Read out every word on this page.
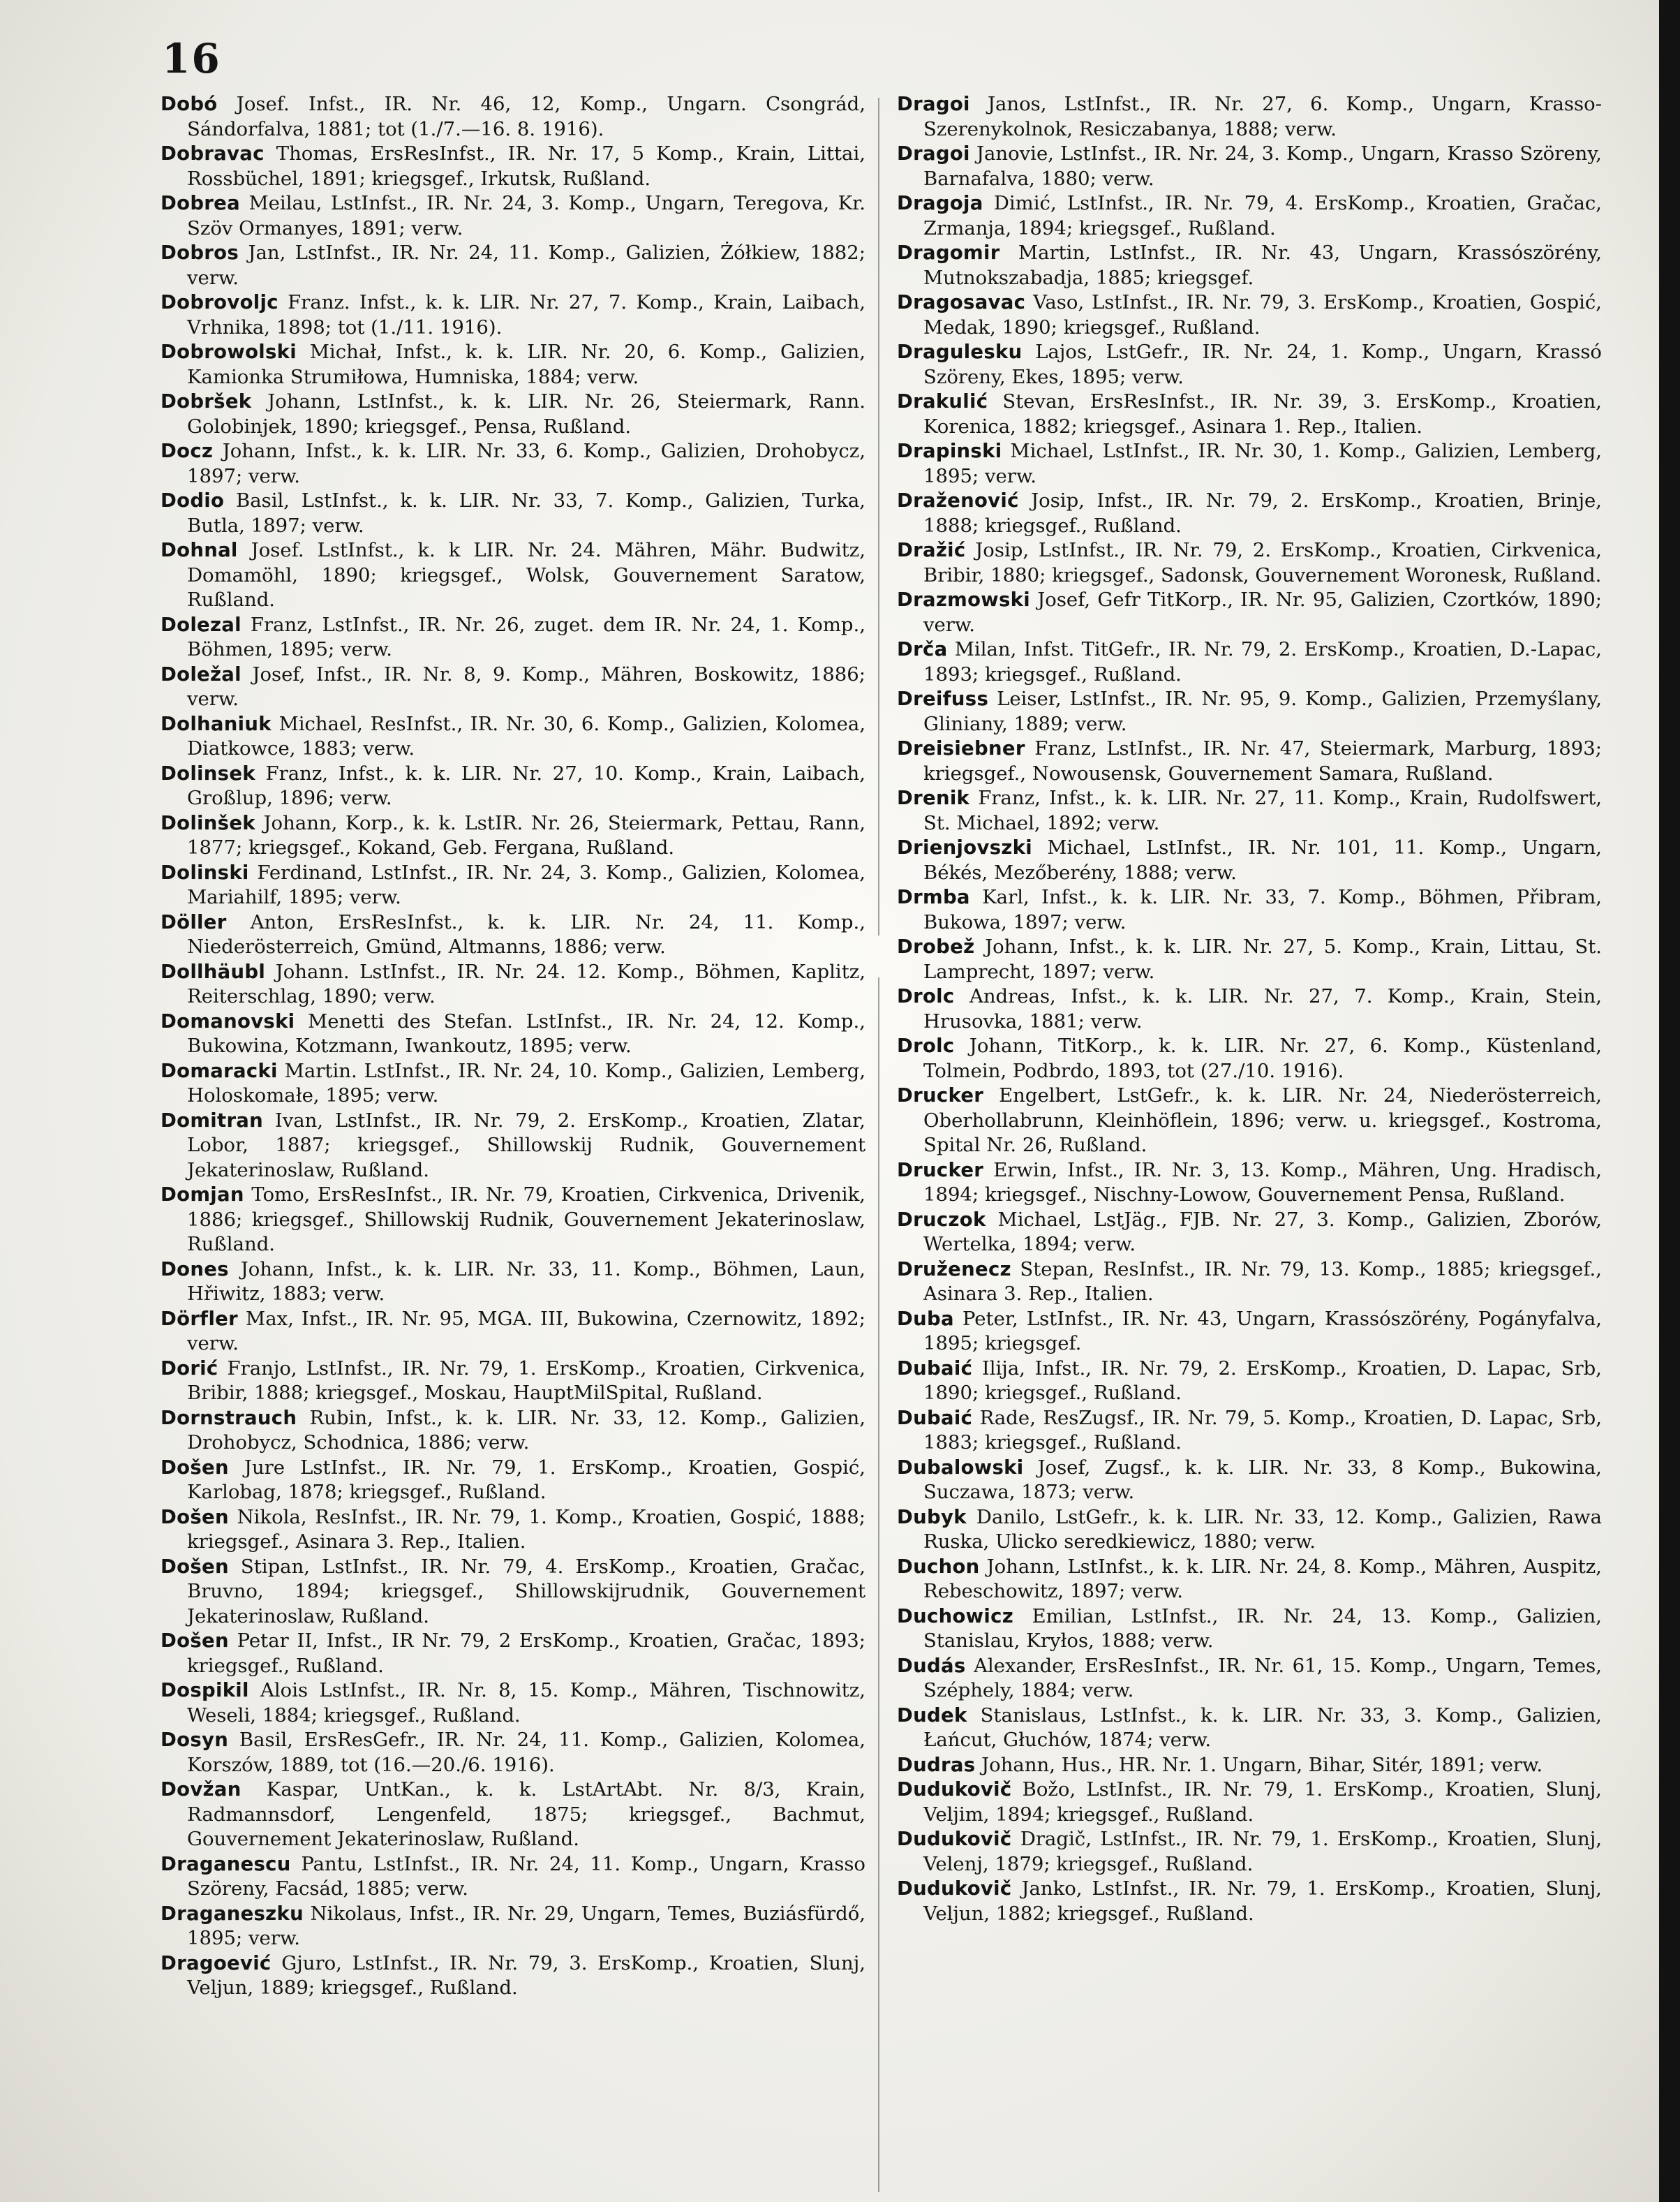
16

Dobó Josef. Infst., IR. Nr. 46, 12, Komp., Ungarn. Csongrád, Sándorfalva, 1881; tot (1./7.—16. 8. 1916).

Dobravac Thomas, ErsResInfst., IR. Nr. 17, 5 Komp., Krain, Littai, Rossbüchel, 1891; kriegsgef., Irkutsk, Rußland.

Dobrea Meilau, LstInfst., IR. Nr. 24, 3. Komp., Ungarn, Teregova, Kr. Szöv Ormanyes, 1891; verw.

Dobros Jan, LstInfst., IR. Nr. 24, 11. Komp., Galizien, Żółkiew, 1882; verw.

Dobrovoljc Franz. Infst., k. k. LIR. Nr. 27, 7. Komp., Krain, Laibach, Vrhnika, 1898; tot (1./11. 1916).

Dobrowolski Michał, Infst., k. k. LIR. Nr. 20, 6. Komp., Galizien, Kamionka Strumiłowa, Humniska, 1884; verw.

Dobršek Johann, LstInfst., k. k. LIR. Nr. 26, Steiermark, Rann. Golobinjek, 1890; kriegsgef., Pensa, Rußland.

Docz Johann, Infst., k. k. LIR. Nr. 33, 6. Komp., Galizien, Drohobycz, 1897; verw.

Dodio Basil, LstInfst., k. k. LIR. Nr. 33, 7. Komp., Galizien, Turka, Butla, 1897; verw.

Dohnal Josef. LstInfst., k. k LIR. Nr. 24. Mähren, Mähr. Budwitz, Domamöhl, 1890; kriegsgef., Wolsk, Gouvernement Saratow, Rußland.

Dolezal Franz, LstInfst., IR. Nr. 26, zuget. dem IR. Nr. 24, 1. Komp., Böhmen, 1895; verw.

Doležal Josef, Infst., IR. Nr. 8, 9. Komp., Mähren, Boskowitz, 1886; verw.

Dolhaniuk Michael, ResInfst., IR. Nr. 30, 6. Komp., Galizien, Kolomea, Diatkowce, 1883; verw.

Dolinsek Franz, Infst., k. k. LIR. Nr. 27, 10. Komp., Krain, Laibach, Großlup, 1896; verw.

Dolinšek Johann, Korp., k. k. LstIR. Nr. 26, Steiermark, Pettau, Rann, 1877; kriegsgef., Kokand, Geb. Fergana, Rußland.

Dolinski Ferdinand, LstInfst., IR. Nr. 24, 3. Komp., Galizien, Kolomea, Mariahilf, 1895; verw.

Döller Anton, ErsResInfst., k. k. LIR. Nr. 24, 11. Komp., Niederösterreich, Gmünd, Altmanns, 1886; verw.

Dollhäubl Johann. LstInfst., IR. Nr. 24. 12. Komp., Böhmen, Kaplitz, Reiterschlag, 1890; verw.

Domanovski Menetti des Stefan. LstInfst., IR. Nr. 24, 12. Komp., Bukowina, Kotzmann, Iwankoutz, 1895; verw.

Domaracki Martin. LstInfst., IR. Nr. 24, 10. Komp., Galizien, Lemberg, Holoskomałe, 1895; verw.

Domitran Ivan, LstInfst., IR. Nr. 79, 2. ErsKomp., Kroatien, Zlatar, Lobor, 1887; kriegsgef., Shillowskij Rudnik, Gouvernement Jekaterinoslaw, Rußland.

Domjan Tomo, ErsResInfst., IR. Nr. 79, Kroatien, Cirkvenica, Drivenik, 1886; kriegsgef., Shillowskij Rudnik, Gouvernement Jekaterinoslaw, Rußland.

Dones Johann, Infst., k. k. LIR. Nr. 33, 11. Komp., Böhmen, Laun, Hřiwitz, 1883; verw.

Dörfler Max, Infst., IR. Nr. 95, MGA. III, Bukowina, Czernowitz, 1892; verw.

Dorić Franjo, LstInfst., IR. Nr. 79, 1. ErsKomp., Kroatien, Cirkvenica, Bribir, 1888; kriegsgef., Moskau, HauptMilSpital, Rußland.

Dornstrauch Rubin, Infst., k. k. LIR. Nr. 33, 12. Komp., Galizien, Drohobycz, Schodnica, 1886; verw.

Došen Jure LstInfst., IR. Nr. 79, 1. ErsKomp., Kroatien, Gospić, Karlobag, 1878; kriegsgef., Rußland.

Došen Nikola, ResInfst., IR. Nr. 79, 1. Komp., Kroatien, Gospić, 1888; kriegsgef., Asinara 3. Rep., Italien.

Došen Stipan, LstInfst., IR. Nr. 79, 4. ErsKomp., Kroatien, Gračac, Bruvno, 1894; kriegsgef., Shillowskijrudnik, Gouvernement Jekaterinoslaw, Rußland.

Došen Petar II, Infst., IR Nr. 79, 2 ErsKomp., Kroatien, Gračac, 1893; kriegsgef., Rußland.

Dospikil Alois LstInfst., IR. Nr. 8, 15. Komp., Mähren, Tischnowitz, Weseli, 1884; kriegsgef., Rußland.

Dosyn Basil, ErsResGefr., IR. Nr. 24, 11. Komp., Galizien, Kolomea, Korszów, 1889, tot (16.—20./6. 1916).

Dovžan Kaspar, UntKan., k. k. LstArtAbt. Nr. 8/3, Krain, Radmannsdorf, Lengenfeld, 1875; kriegsgef., Bachmut, Gouvernement Jekaterinoslaw, Rußland.

Draganescu Pantu, LstInfst., IR. Nr. 24, 11. Komp., Ungarn, Krasso Szöreny, Facsád, 1885; verw.

Draganeszku Nikolaus, Infst., IR. Nr. 29, Ungarn, Temes, Buziásfürdő, 1895; verw.

Dragoević Gjuro, LstInfst., IR. Nr. 79, 3. ErsKomp., Kroatien, Slunj, Veljun, 1889; kriegsgef., Rußland.

Dragoi Janos, LstInfst., IR. Nr. 27, 6. Komp., Ungarn, Krasso-Szerenykolnok, Resiczabanya, 1888; verw.

Dragoi Janovie, LstInfst., IR. Nr. 24, 3. Komp., Ungarn, Krasso Szöreny, Barnafalva, 1880; verw.

Dragoja Dimić, LstInfst., IR. Nr. 79, 4. ErsKomp., Kroatien, Gračac, Zrmanja, 1894; kriegsgef., Rußland.

Dragomir Martin, LstInfst., IR. Nr. 43, Ungarn, Krassószörény, Mutnokszabadja, 1885; kriegsgef.

Dragosavac Vaso, LstInfst., IR. Nr. 79, 3. ErsKomp., Kroatien, Gospić, Medak, 1890; kriegsgef., Rußland.

Dragulesku Lajos, LstGefr., IR. Nr. 24, 1. Komp., Ungarn, Krassó Szöreny, Ekes, 1895; verw.

Drakulić Stevan, ErsResInfst., IR. Nr. 39, 3. ErsKomp., Kroatien, Korenica, 1882; kriegsgef., Asinara 1. Rep., Italien.

Drapinski Michael, LstInfst., IR. Nr. 30, 1. Komp., Galizien, Lemberg, 1895; verw.

Draženović Josip, Infst., IR. Nr. 79, 2. ErsKomp., Kroatien, Brinje, 1888; kriegsgef., Rußland.

Dražić Josip, LstInfst., IR. Nr. 79, 2. ErsKomp., Kroatien, Cirkvenica, Bribir, 1880; kriegsgef., Sadonsk, Gouvernement Woronesk, Rußland.

Drazmowski Josef, Gefr TitKorp., IR. Nr. 95, Galizien, Czortków, 1890; verw.

Drča Milan, Infst. TitGefr., IR. Nr. 79, 2. ErsKomp., Kroatien, D.-Lapac, 1893; kriegsgef., Rußland.

Dreifuss Leiser, LstInfst., IR. Nr. 95, 9. Komp., Galizien, Przemyślany, Gliniany, 1889; verw.

Dreisiebner Franz, LstInfst., IR. Nr. 47, Steiermark, Marburg, 1893; kriegsgef., Nowousensk, Gouvernement Samara, Rußland.

Drenik Franz, Infst., k. k. LIR. Nr. 27, 11. Komp., Krain, Rudolfswert, St. Michael, 1892; verw.

Drienjovszki Michael, LstInfst., IR. Nr. 101, 11. Komp., Ungarn, Békés, Mezőberény, 1888; verw.

Drmba Karl, Infst., k. k. LIR. Nr. 33, 7. Komp., Böhmen, Přibram, Bukowa, 1897; verw.

Drobež Johann, Infst., k. k. LIR. Nr. 27, 5. Komp., Krain, Littau, St. Lamprecht, 1897; verw.

Drolc Andreas, Infst., k. k. LIR. Nr. 27, 7. Komp., Krain, Stein, Hrusovka, 1881; verw.

Drolc Johann, TitKorp., k. k. LIR. Nr. 27, 6. Komp., Küstenland, Tolmein, Podbrdo, 1893, tot (27./10. 1916).

Drucker Engelbert, LstGefr., k. k. LIR. Nr. 24, Niederösterreich, Oberhollabrunn, Kleinhöflein, 1896; verw. u. kriegsgef., Kostroma, Spital Nr. 26, Rußland.

Drucker Erwin, Infst., IR. Nr. 3, 13. Komp., Mähren, Ung. Hradisch, 1894; kriegsgef., Nischny-Lowow, Gouvernement Pensa, Rußland.

Druczok Michael, LstJäg., FJB. Nr. 27, 3. Komp., Galizien, Zborów, Wertelka, 1894; verw.

Druženecz Stepan, ResInfst., IR. Nr. 79, 13. Komp., 1885; kriegsgef., Asinara 3. Rep., Italien.

Duba Peter, LstInfst., IR. Nr. 43, Ungarn, Krassószörény, Pogányfalva, 1895; kriegsgef.

Dubaić Ilija, Infst., IR. Nr. 79, 2. ErsKomp., Kroatien, D. Lapac, Srb, 1890; kriegsgef., Rußland.

Dubaić Rade, ResZugsf., IR. Nr. 79, 5. Komp., Kroatien, D. Lapac, Srb, 1883; kriegsgef., Rußland.

Dubalowski Josef, Zugsf., k. k. LIR. Nr. 33, 8 Komp., Bukowina, Suczawa, 1873; verw.

Dubyk Danilo, LstGefr., k. k. LIR. Nr. 33, 12. Komp., Galizien, Rawa Ruska, Ulicko seredkiewicz, 1880; verw.

Duchon Johann, LstInfst., k. k. LIR. Nr. 24, 8. Komp., Mähren, Auspitz, Rebeschowitz, 1897; verw.

Duchowicz Emilian, LstInfst., IR. Nr. 24, 13. Komp., Galizien, Stanislau, Kryłos, 1888; verw.

Dudás Alexander, ErsResInfst., IR. Nr. 61, 15. Komp., Ungarn, Temes, Széphely, 1884; verw.

Dudek Stanislaus, LstInfst., k. k. LIR. Nr. 33, 3. Komp., Galizien, Łańcut, Głuchów, 1874; verw.

Dudras Johann, Hus., HR. Nr. 1. Ungarn, Bihar, Sitér, 1891; verw.

Dudukovič Božo, LstInfst., IR. Nr. 79, 1. ErsKomp., Kroatien, Slunj, Veljim, 1894; kriegsgef., Rußland.

Dudukovič Dragič, LstInfst., IR. Nr. 79, 1. ErsKomp., Kroatien, Slunj, Velenj, 1879; kriegsgef., Rußland.

Dudukovič Janko, LstInfst., IR. Nr. 79, 1. ErsKomp., Kroatien, Slunj, Veljun, 1882; kriegsgef., Rußland.
